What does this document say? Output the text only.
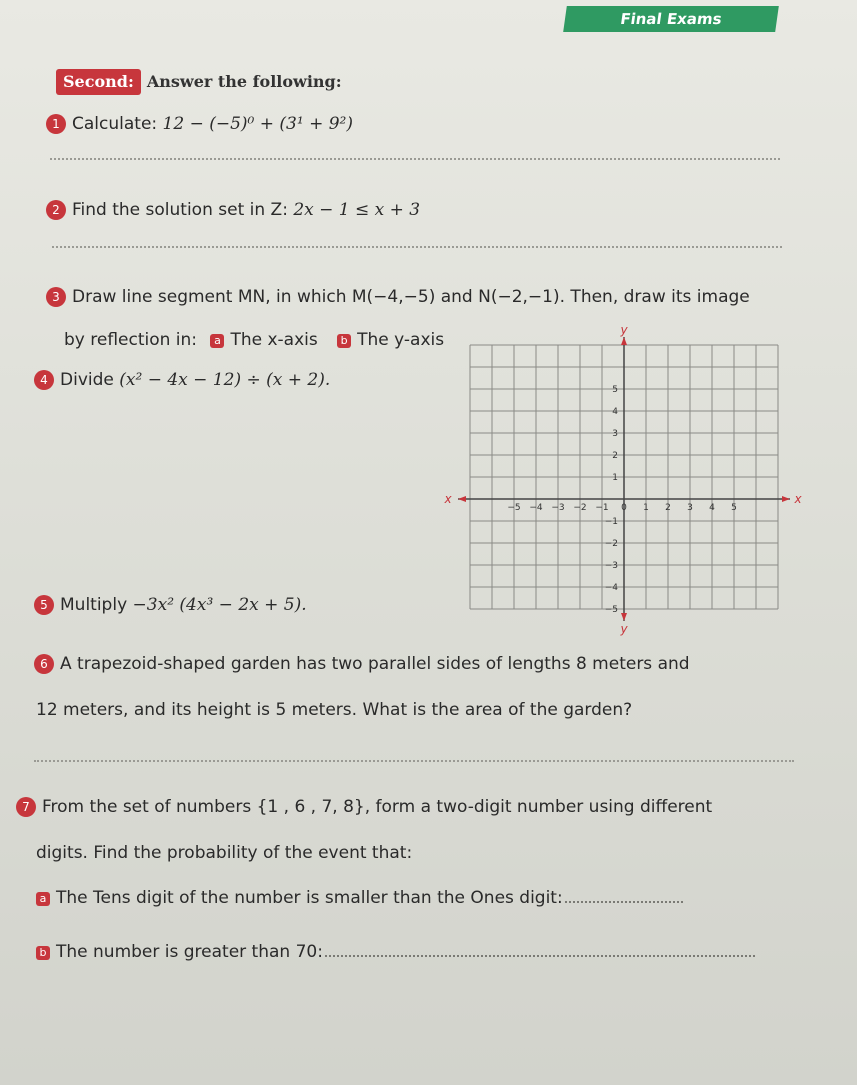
Final Exams
Second: Answer the following:
1 Calculate: 12 − (−5)⁰ + (3¹ + 9²)
2 Find the solution set in Z: 2x − 1 ≤ x + 3
3 Draw line segment MN, in which M(−4,−5) and N(−2,−1). Then, draw its image
by reflection in: a The x-axis b The y-axis
4 Divide (x² − 4x − 12) ÷ (x + 2).
5 Multiply −3x² (4x³ − 2x + 5).
−5 −4 −3 −2 −1 0 1 2 3 4 5
5
4
3
2
1
−1
−2
−3
−4
−5
x
x
y
y
6 A trapezoid-shaped garden has two parallel sides of lengths 8 meters and
12 meters, and its height is 5 meters. What is the area of the garden?
7 From the set of numbers {1 , 6 , 7, 8}, form a two-digit number using different
digits. Find the probability of the event that:
a The Tens digit of the number is smaller than the Ones digit:
b The number is greater than 70:
